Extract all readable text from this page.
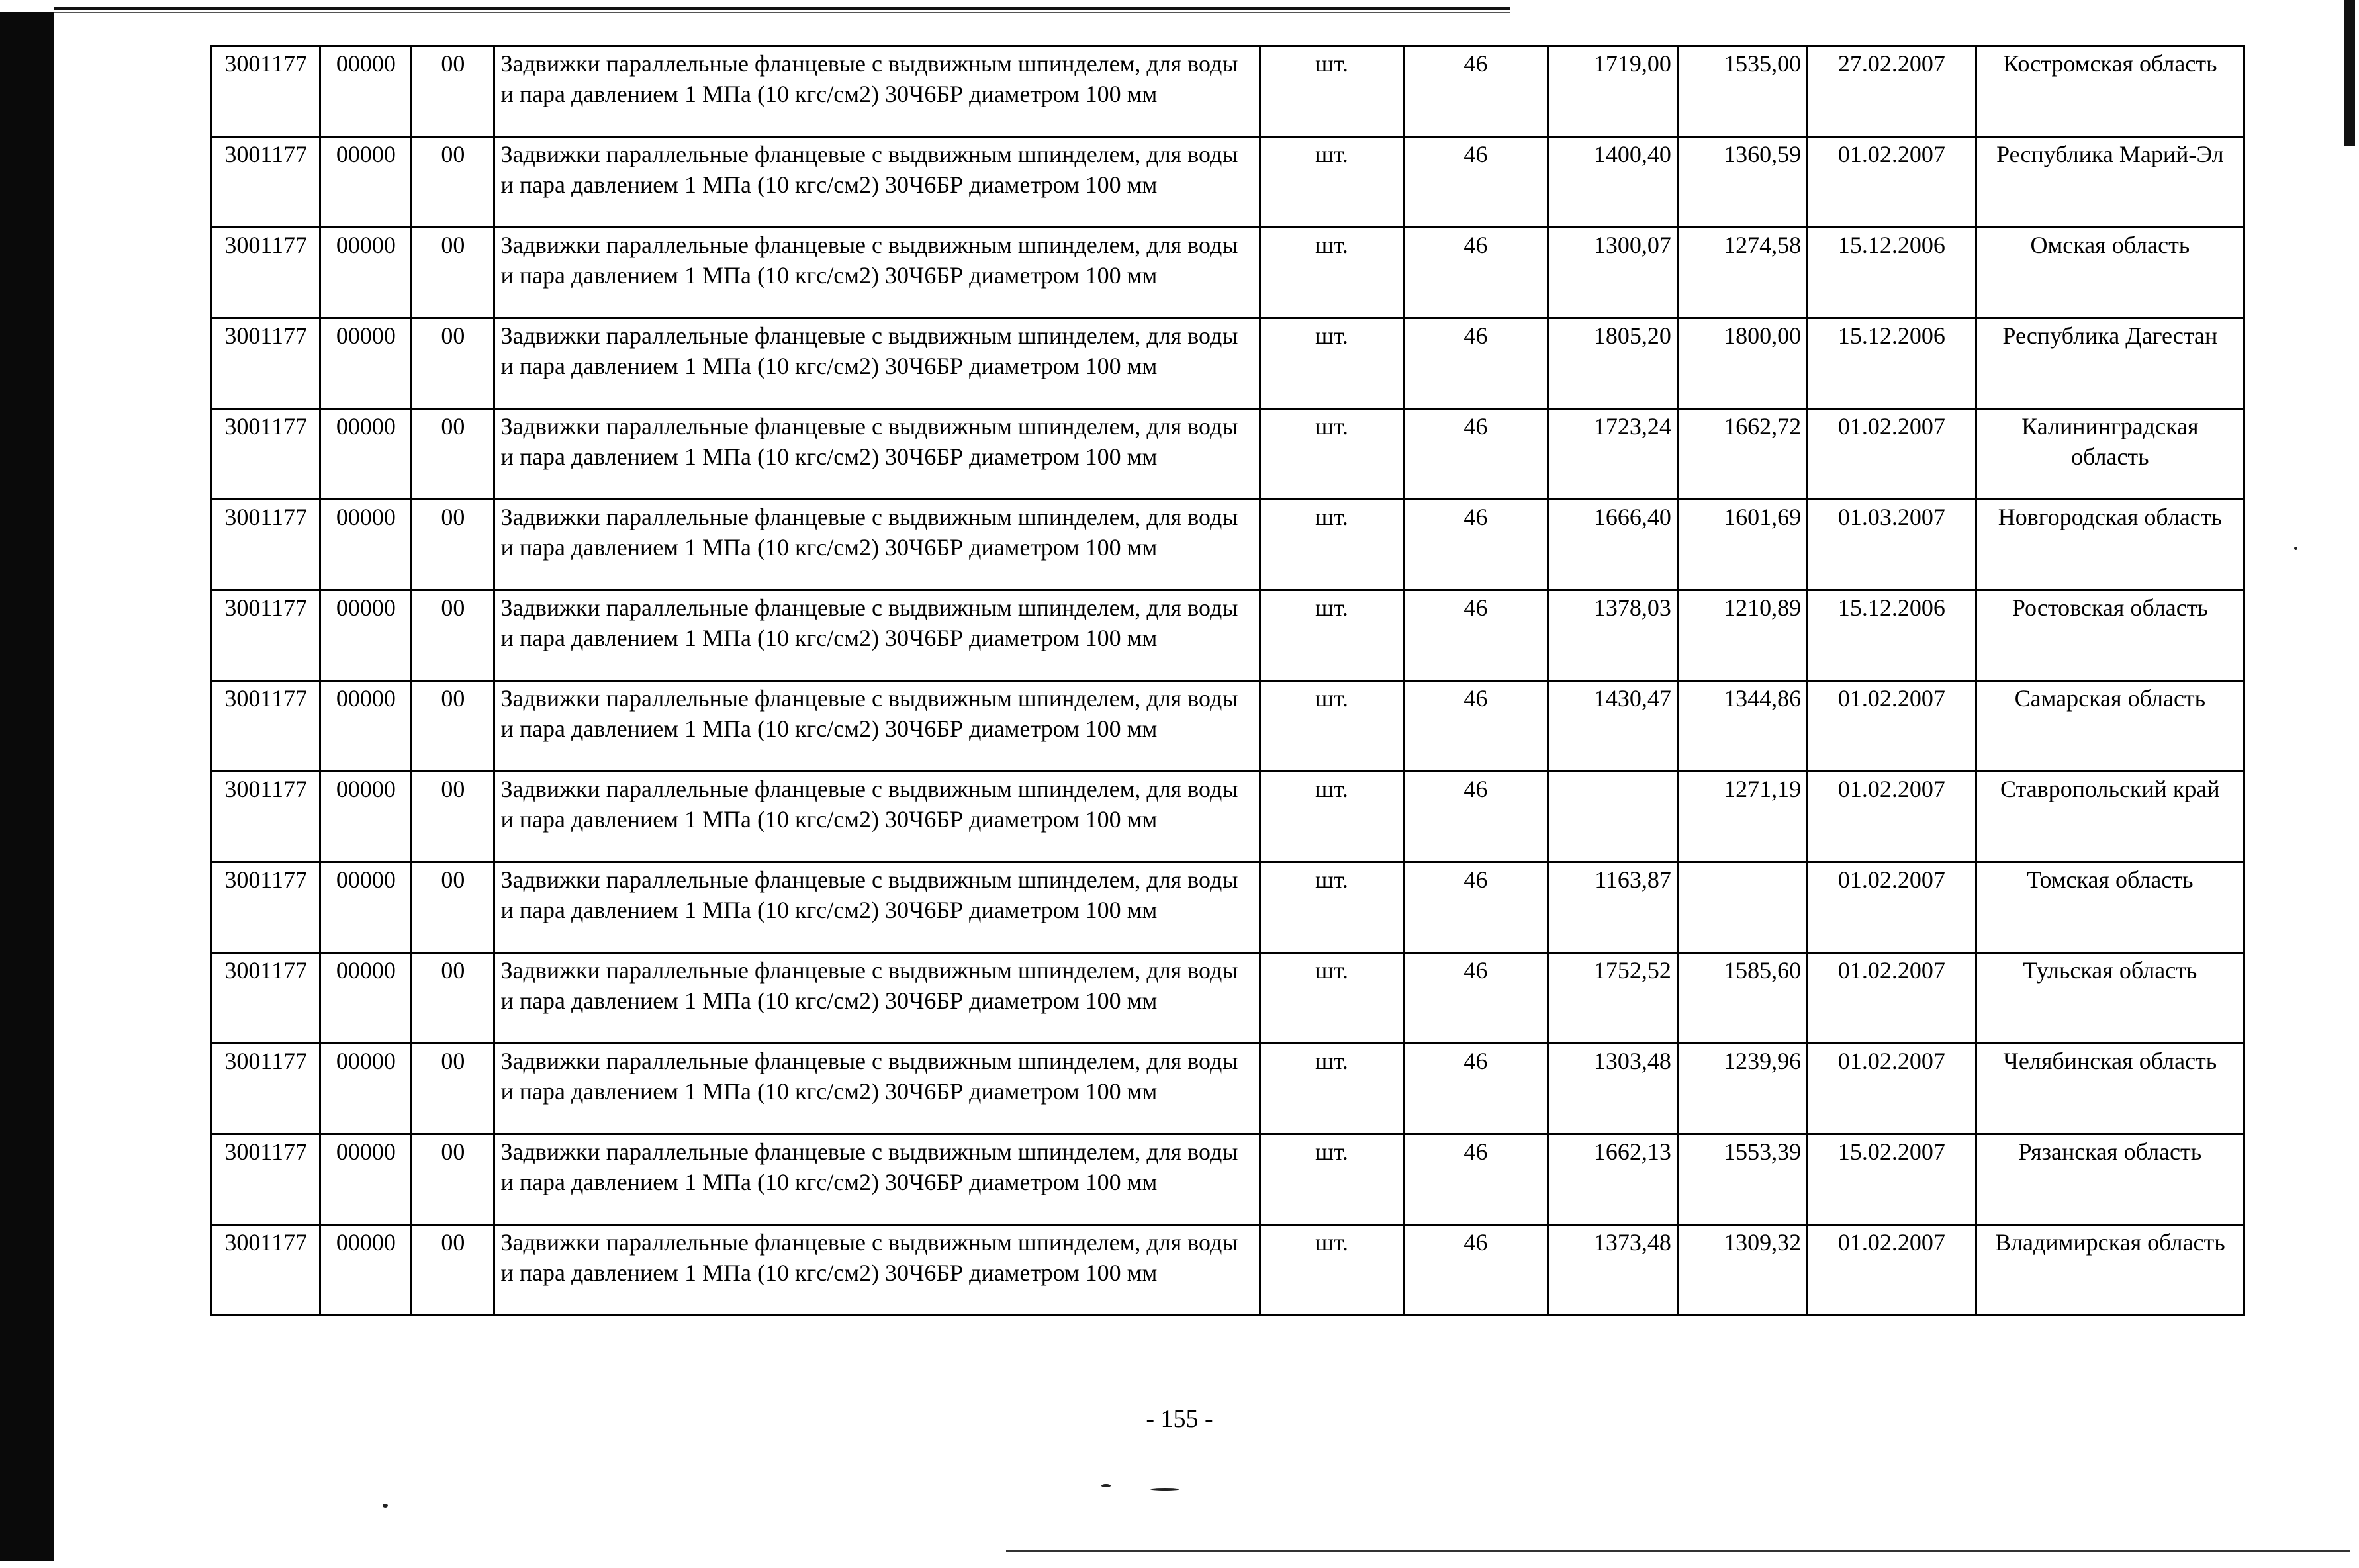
3001177	00000	00	Задвижки параллельные фланцевые с выдвижным шпинделем, для воды и пара давлением 1 МПа (10 кгс/см2) 30Ч6БР диаметром 100 мм	шт.	46	1719,00	1535,00	27.02.2007	Костромская область
3001177	00000	00	Задвижки параллельные фланцевые с выдвижным шпинделем, для воды и пара давлением 1 МПа (10 кгс/см2) 30Ч6БР диаметром 100 мм	шт.	46	1400,40	1360,59	01.02.2007	Республика Марий-Эл
3001177	00000	00	Задвижки параллельные фланцевые с выдвижным шпинделем, для воды и пара давлением 1 МПа (10 кгс/см2) 30Ч6БР диаметром 100 мм	шт.	46	1300,07	1274,58	15.12.2006	Омская область
3001177	00000	00	Задвижки параллельные фланцевые с выдвижным шпинделем, для воды и пара давлением 1 МПа (10 кгс/см2) 30Ч6БР диаметром 100 мм	шт.	46	1805,20	1800,00	15.12.2006	Республика Дагестан
3001177	00000	00	Задвижки параллельные фланцевые с выдвижным шпинделем, для воды и пара давлением 1 МПа (10 кгс/см2) 30Ч6БР диаметром 100 мм	шт.	46	1723,24	1662,72	01.02.2007	Калининградская область
3001177	00000	00	Задвижки параллельные фланцевые с выдвижным шпинделем, для воды и пара давлением 1 МПа (10 кгс/см2) 30Ч6БР диаметром 100 мм	шт.	46	1666,40	1601,69	01.03.2007	Новгородская область
3001177	00000	00	Задвижки параллельные фланцевые с выдвижным шпинделем, для воды и пара давлением 1 МПа (10 кгс/см2) 30Ч6БР диаметром 100 мм	шт.	46	1378,03	1210,89	15.12.2006	Ростовская область
3001177	00000	00	Задвижки параллельные фланцевые с выдвижным шпинделем, для воды и пара давлением 1 МПа (10 кгс/см2) 30Ч6БР диаметром 100 мм	шт.	46	1430,47	1344,86	01.02.2007	Самарская область
3001177	00000	00	Задвижки параллельные фланцевые с выдвижным шпинделем, для воды и пара давлением 1 МПа (10 кгс/см2) 30Ч6БР диаметром 100 мм	шт.	46		1271,19	01.02.2007	Ставропольский край
3001177	00000	00	Задвижки параллельные фланцевые с выдвижным шпинделем, для воды и пара давлением 1 МПа (10 кгс/см2) 30Ч6БР диаметром 100 мм	шт.	46	1163,87		01.02.2007	Томская область
3001177	00000	00	Задвижки параллельные фланцевые с выдвижным шпинделем, для воды и пара давлением 1 МПа (10 кгс/см2) 30Ч6БР диаметром 100 мм	шт.	46	1752,52	1585,60	01.02.2007	Тульская область
3001177	00000	00	Задвижки параллельные фланцевые с выдвижным шпинделем, для воды и пара давлением 1 МПа (10 кгс/см2) 30Ч6БР диаметром 100 мм	шт.	46	1303,48	1239,96	01.02.2007	Челябинская область
3001177	00000	00	Задвижки параллельные фланцевые с выдвижным шпинделем, для воды и пара давлением 1 МПа (10 кгс/см2) 30Ч6БР диаметром 100 мм	шт.	46	1662,13	1553,39	15.02.2007	Рязанская область
3001177	00000	00	Задвижки параллельные фланцевые с выдвижным шпинделем, для воды и пара давлением 1 МПа (10 кгс/см2) 30Ч6БР диаметром 100 мм	шт.	46	1373,48	1309,32	01.02.2007	Владимирская область
- 155 -
